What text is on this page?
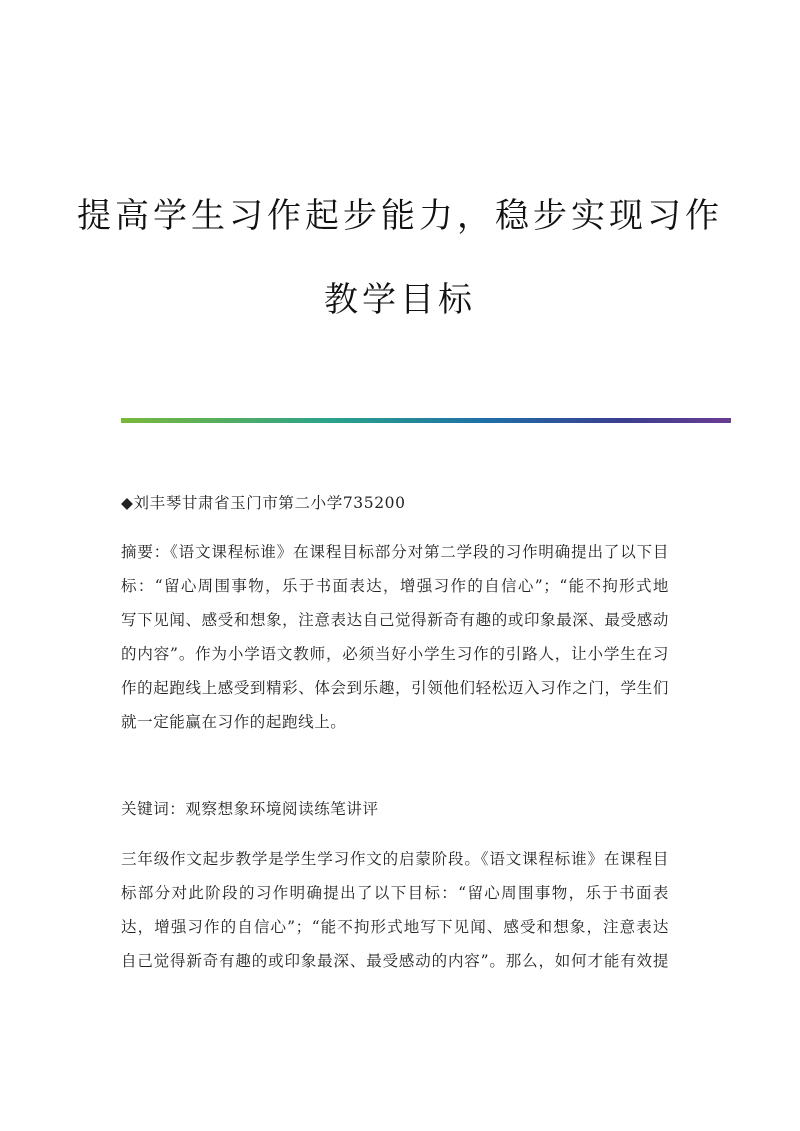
提高学生习作起步能力，稳步实现习作
教学目标
◆刘丰琴甘肃省玉门市第二小学735200
摘要：《语文课程标谁》在课程目标部分对第二学段的习作明确提出了以下目
标：“留心周围事物，乐于书面表达，增强习作的自信心”；“能不拘形式地
写下见闻、感受和想象，注意表达自己觉得新奇有趣的或印象最深、最受感动
的内容”。作为小学语文教师，必须当好小学生习作的引路人，让小学生在习
作的起跑线上感受到精彩、体会到乐趣，引领他们轻松迈入习作之门，学生们
就一定能赢在习作的起跑线上。
关键词：观察想象环境阅读练笔讲评
三年级作文起步教学是学生学习作文的启蒙阶段。《语文课程标谁》在课程目
标部分对此阶段的习作明确提出了以下目标：“留心周围事物，乐于书面表
达，增强习作的自信心”；“能不拘形式地写下见闻、感受和想象，注意表达
自己觉得新奇有趣的或印象最深、最受感动的内容”。那么，如何才能有效提
